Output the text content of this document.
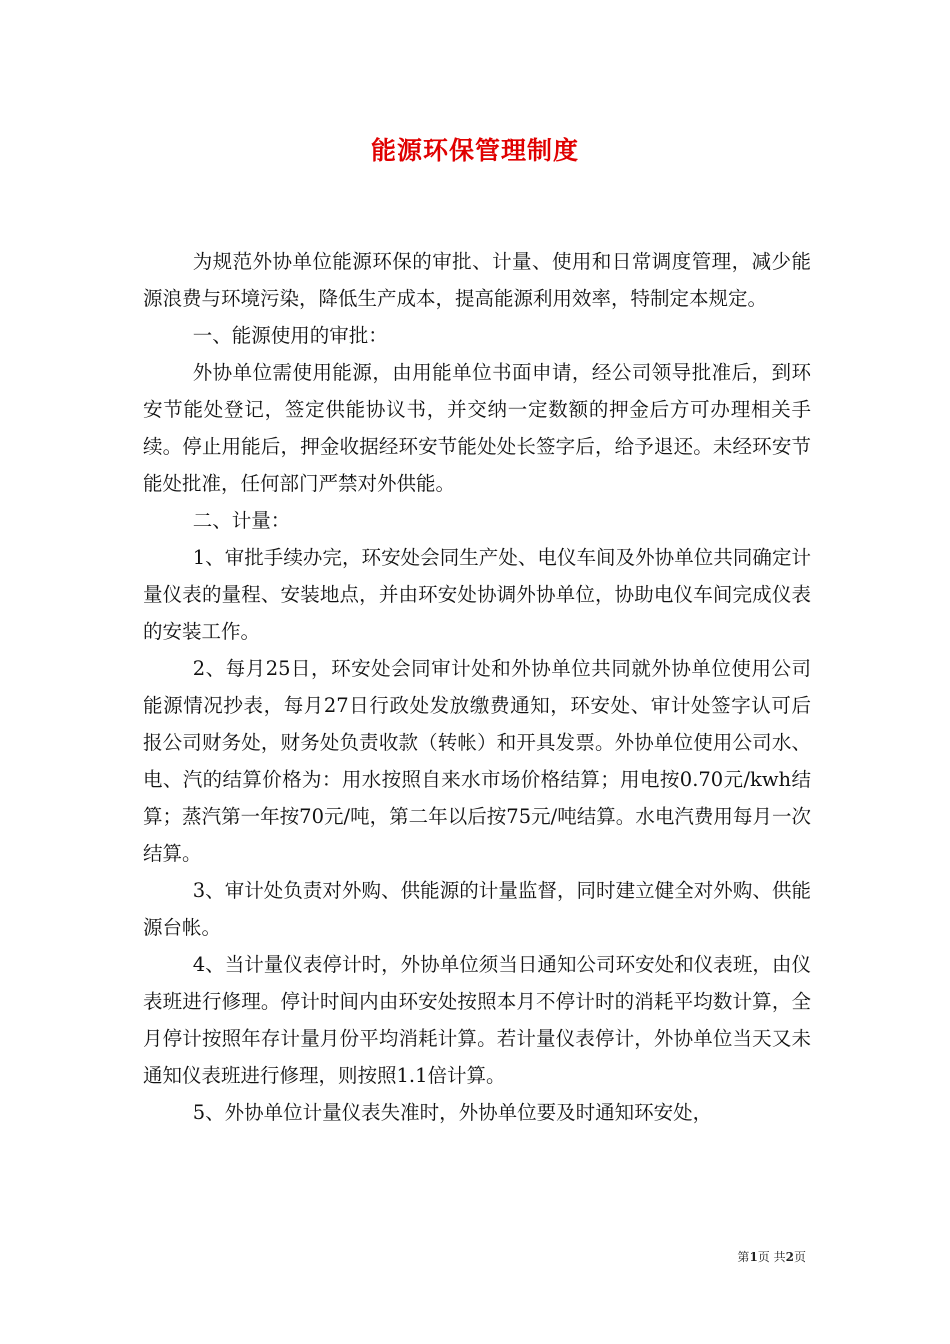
能源环保管理制度

为规范外协单位能源环保的审批、计量、使用和日常调度管理，减少能源浪费与环境污染，降低生产成本，提高能源利用效率，特制定本规定。

一、能源使用的审批：

外协单位需使用能源，由用能单位书面申请，经公司领导批准后，到环安节能处登记，签定供能协议书，并交纳一定数额的押金后方可办理相关手续。停止用能后，押金收据经环安节能处处长签字后，给予退还。未经环安节能处批准，任何部门严禁对外供能。

二、计量：

1、审批手续办完，环安处会同生产处、电仪车间及外协单位共同确定计量仪表的量程、安装地点，并由环安处协调外协单位，协助电仪车间完成仪表的安装工作。

2、每月25日，环安处会同审计处和外协单位共同就外协单位使用公司能源情况抄表，每月27日行政处发放缴费通知，环安处、审计处签字认可后报公司财务处，财务处负责收款（转帐）和开具发票。外协单位使用公司水、电、汽的结算价格为：用水按照自来水市场价格结算；用电按0.70元/kwh结算；蒸汽第一年按70元/吨，第二年以后按75元/吨结算。水电汽费用每月一次结算。

3、审计处负责对外购、供能源的计量监督，同时建立健全对外购、供能源台帐。

4、当计量仪表停计时，外协单位须当日通知公司环安处和仪表班，由仪表班进行修理。停计时间内由环安处按照本月不停计时的消耗平均数计算，全月停计按照年存计量月份平均消耗计算。若计量仪表停计，外协单位当天又未通知仪表班进行修理，则按照1.1倍计算。

5、外协单位计量仪表失准时，外协单位要及时通知环安处，

第1页 共2页
